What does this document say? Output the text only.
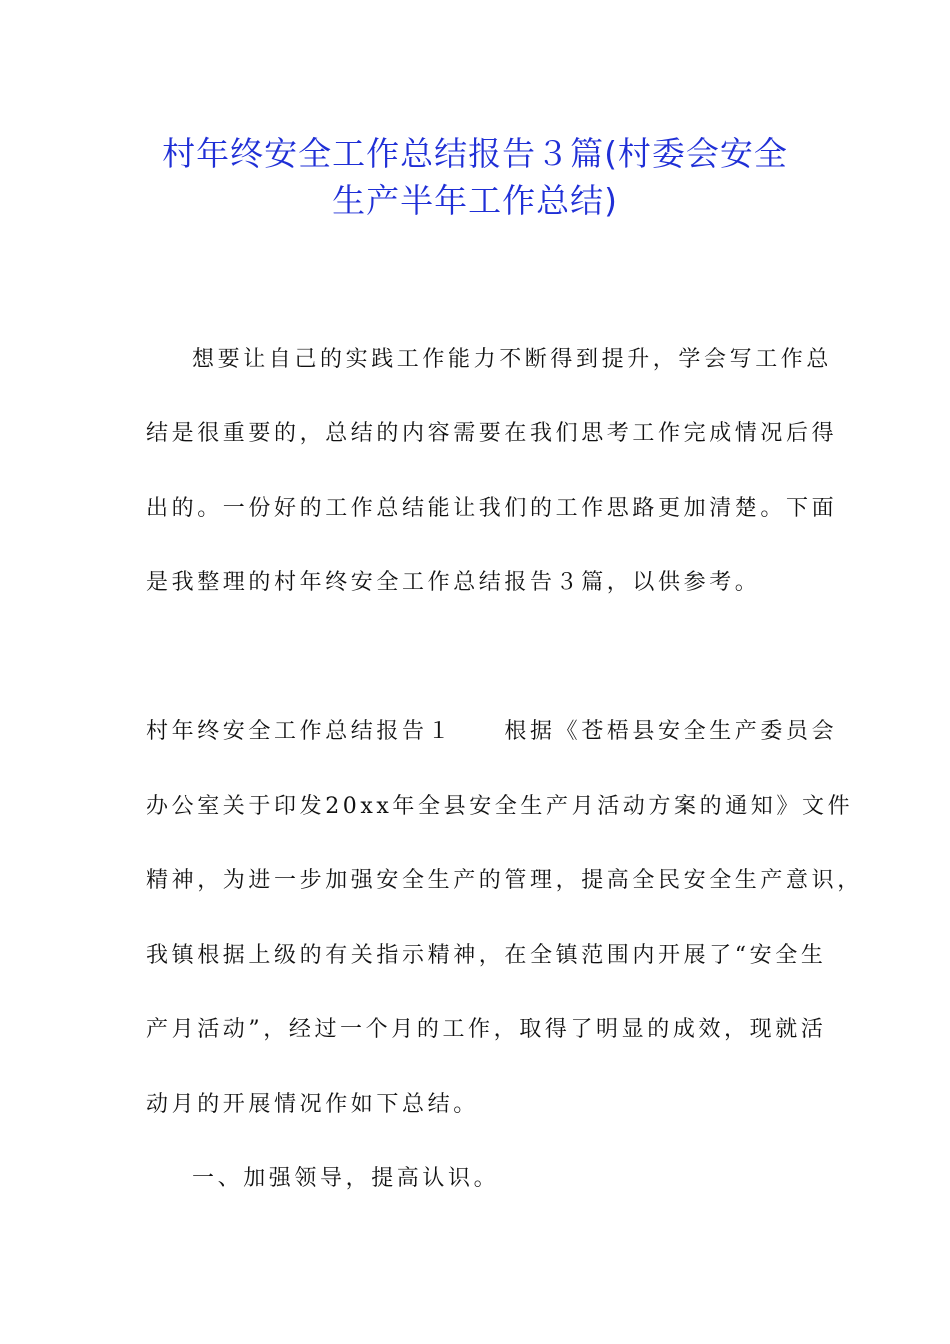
村年终安全工作总结报告３篇(村委会安全
生产半年工作总结)
想要让自己的实践工作能力不断得到提升，学会写工作总
结是很重要的，总结的内容需要在我们思考工作完成情况后得
出的。一份好的工作总结能让我们的工作思路更加清楚。下面
是我整理的村年终安全工作总结报告３篇，以供参考。
村年终安全工作总结报告１　　根据《苍梧县安全生产委员会
办公室关于印发20xx年全县安全生产月活动方案的通知》文件
精神，为进一步加强安全生产的管理，提高全民安全生产意识，
我镇根据上级的有关指示精神，在全镇范围内开展了“安全生
产月活动”，经过一个月的工作，取得了明显的成效，现就活
动月的开展情况作如下总结。
一、加强领导，提高认识。
